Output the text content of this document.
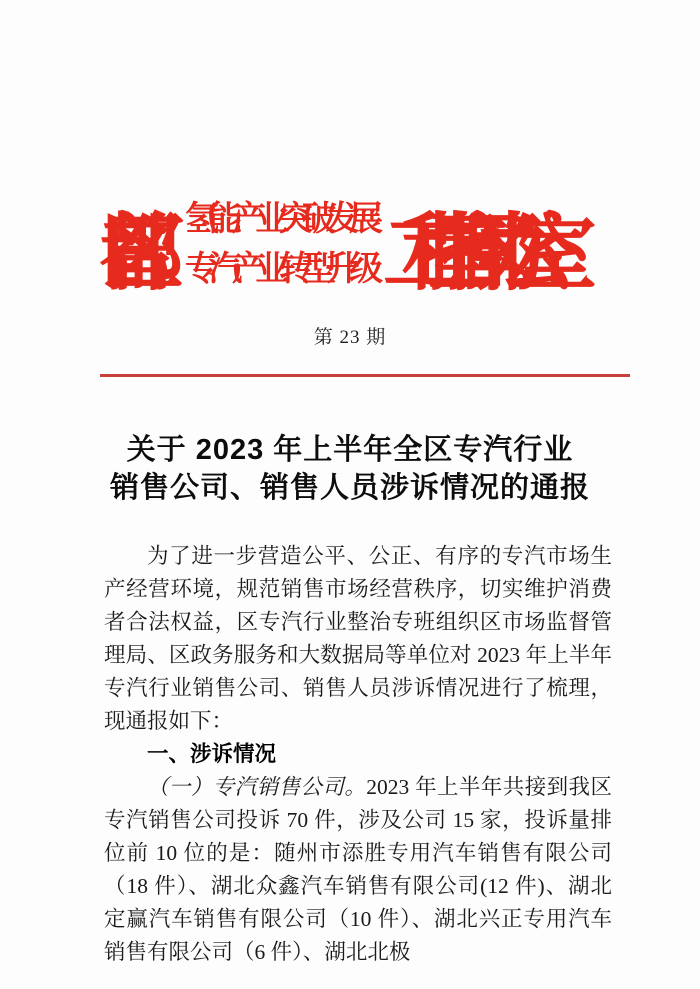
曾都区 氢能产业突破发展
专汽产业转型升级 工程指挥部办公室
第 23 期
关于 2023 年上半年全区专汽行业
销售公司、销售人员涉诉情况的通报

为了进一步营造公平、公正、有序的专汽市场生产经营环境，规范销售市场经营秩序，切实维护消费者合法权益，区专汽行业整治专班组织区市场监督管理局、区政务服务和大数据局等单位对 2023 年上半年专汽行业销售公司、销售人员涉诉情况进行了梳理，现通报如下：

一、涉诉情况

（一）专汽销售公司。2023 年上半年共接到我区专汽销售公司投诉 70 件，涉及公司 15 家，投诉量排位前 10 位的是：随州市添胜专用汽车销售有限公司（18 件）、湖北众鑫汽车销售有限公司(12 件)、湖北定赢汽车销售有限公司（10 件）、湖北兴正专用汽车销售有限公司（6 件）、湖北北极
